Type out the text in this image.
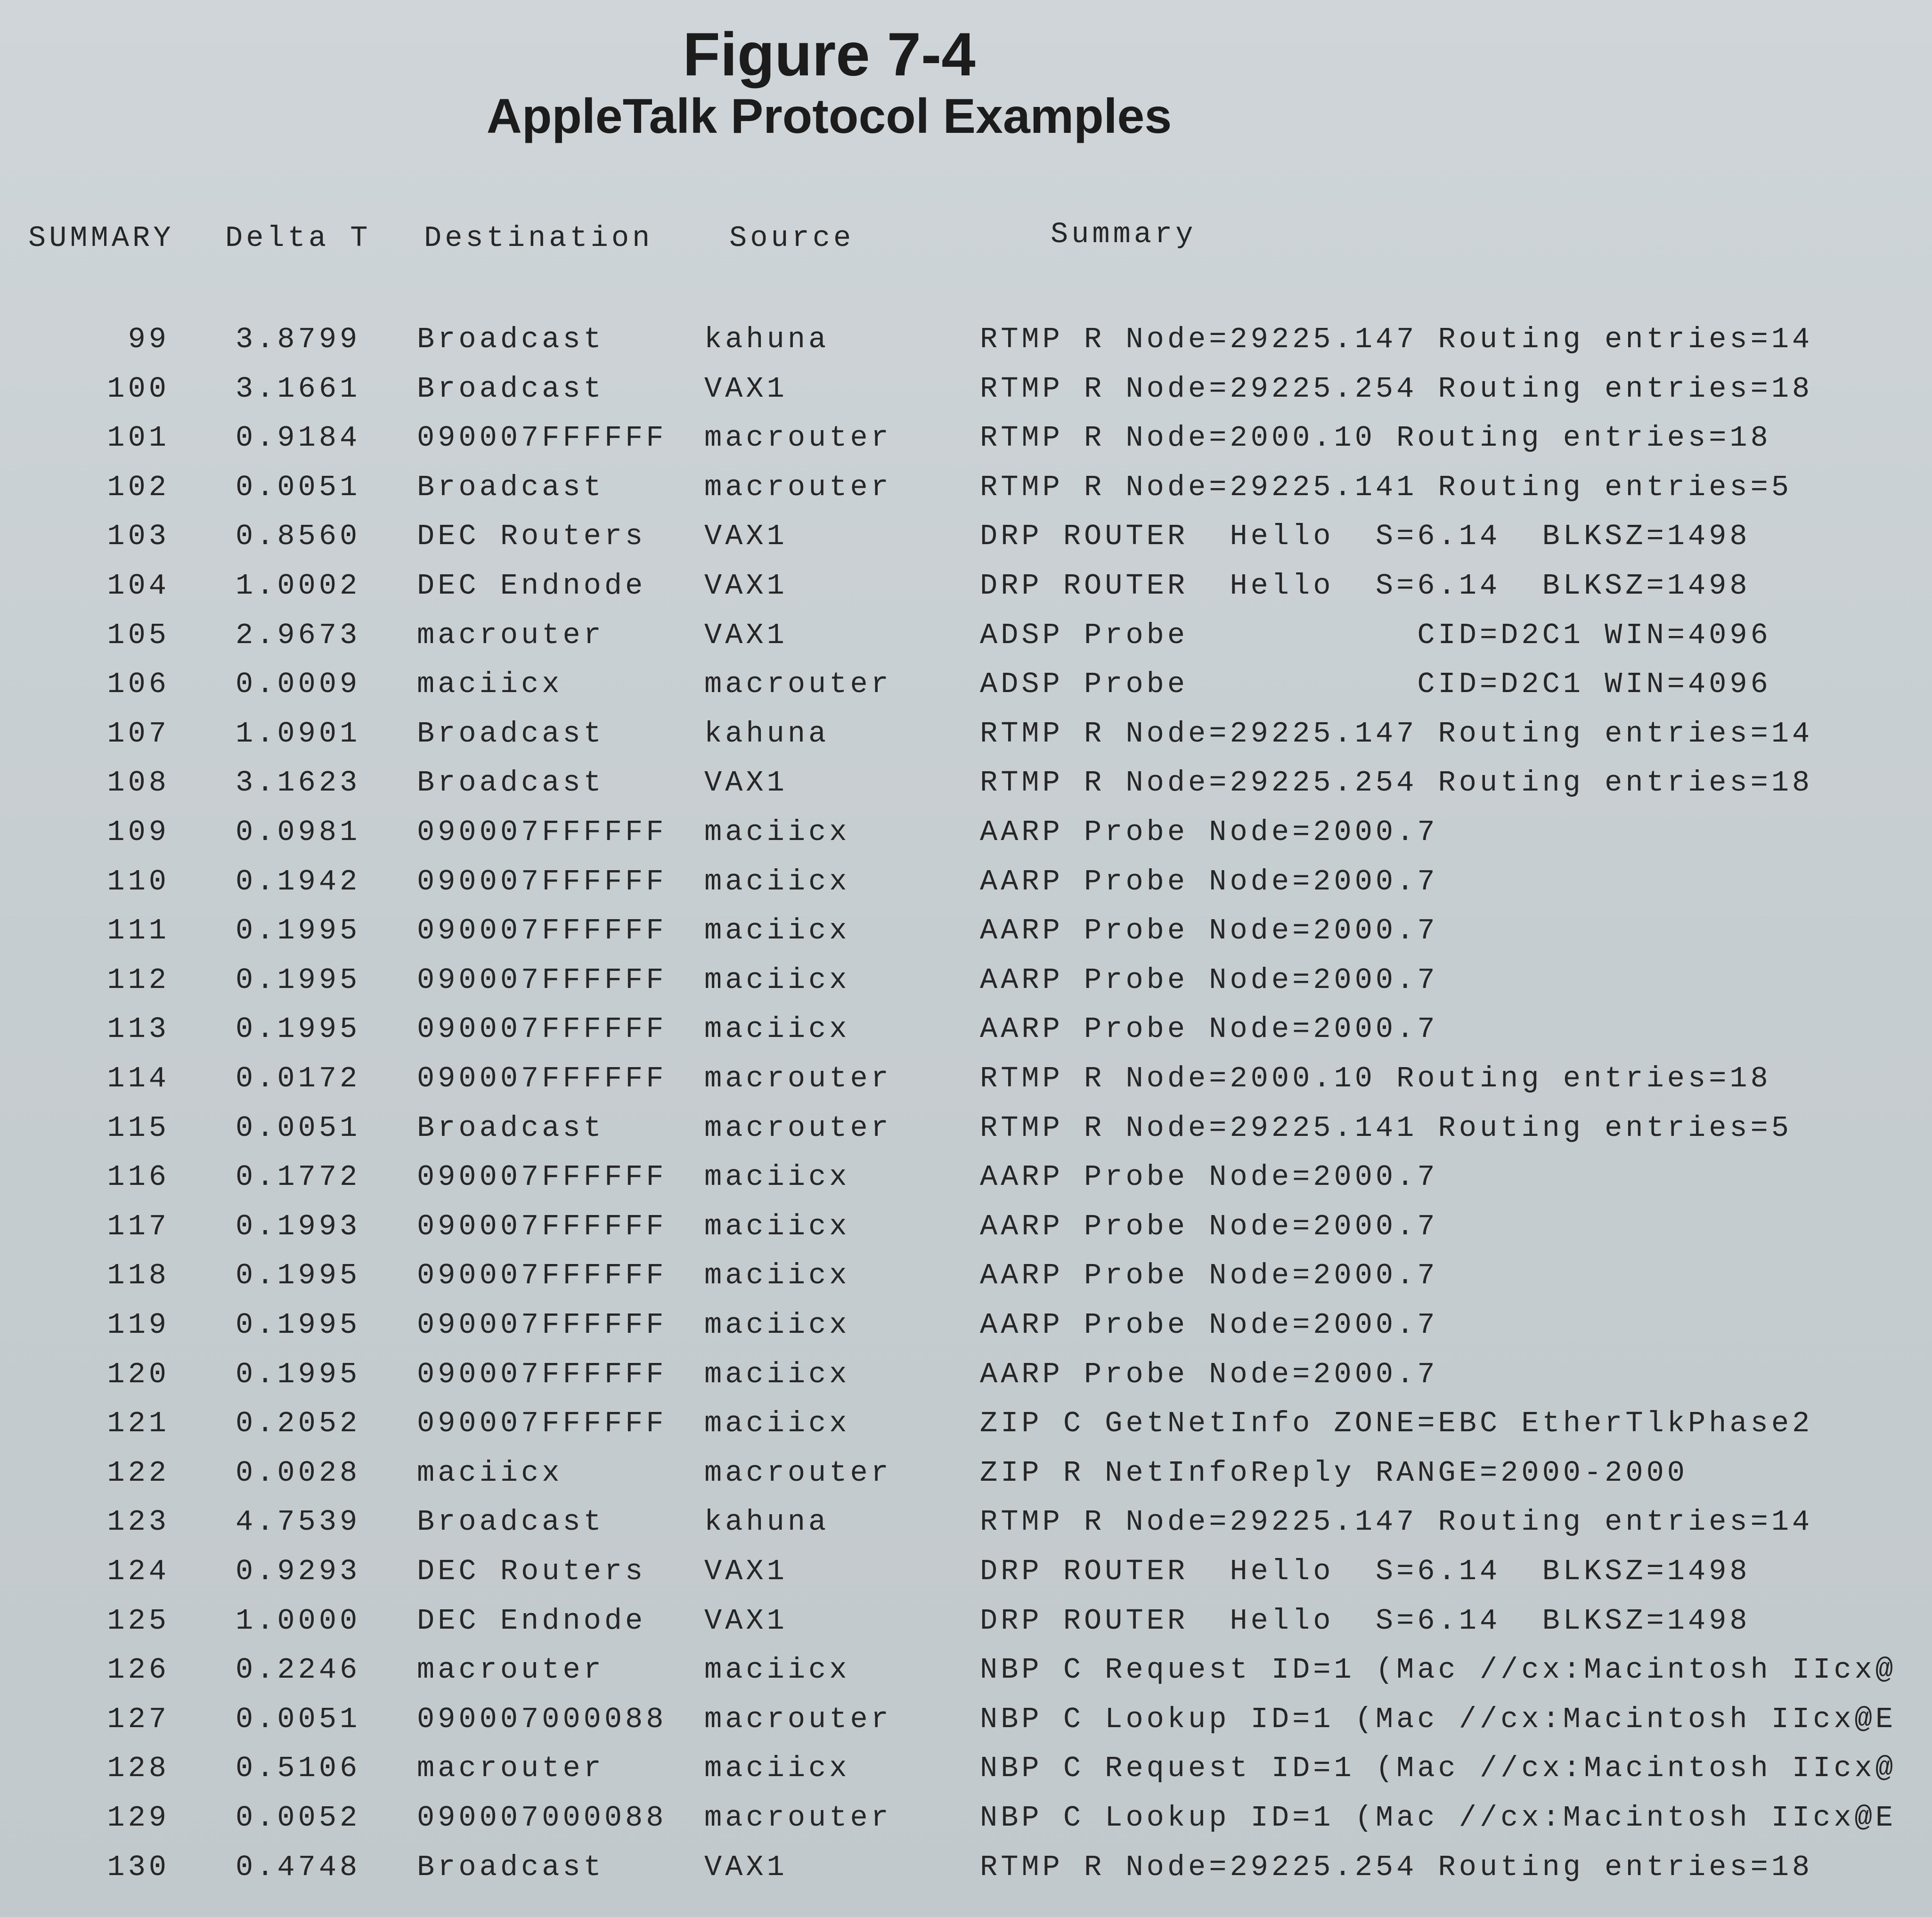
Figure 7-4
AppleTalk Protocol Examples
SUMMARY Delta T Destination	Source	Summary
99 3.8799 Broadcast	kahuna	RTMP R Node=29225.147 Routing entries=14
100 3.1661 Broadcast	VAX1	RTMP R Node=29225.254 Routing entries=18
101 0.9184 090007FFFFFF macrouter	RTMP R Node=2000.10 Routing entries=18
102 0.0051 Broadcast	macrouter	RTMP R Node=29225.141 Routing entries=5
103 0.8560 DEC Routers VAX1	DRP ROUTER  Hello  S=6.14  BLKSZ=1498
104 1.0002 DEC Endnode VAX1	DRP ROUTER  Hello  S=6.14  BLKSZ=1498
105 2.9673 macrouter	VAX1	ADSP Probe           CID=D2C1 WIN=4096
106 0.0009 maciicx	macrouter	ADSP Probe           CID=D2C1 WIN=4096
107 1.0901 Broadcast	kahuna	RTMP R Node=29225.147 Routing entries=14
108 3.1623 Broadcast	VAX1	RTMP R Node=29225.254 Routing entries=18
109 0.0981 090007FFFFFF maciicx	AARP Probe Node=2000.7
110 0.1942 090007FFFFFF maciicx	AARP Probe Node=2000.7
111 0.1995 090007FFFFFF maciicx	AARP Probe Node=2000.7
112 0.1995 090007FFFFFF maciicx	AARP Probe Node=2000.7
113 0.1995 090007FFFFFF maciicx	AARP Probe Node=2000.7
114 0.0172 090007FFFFFF macrouter	RTMP R Node=2000.10 Routing entries=18
115 0.0051 Broadcast	macrouter	RTMP R Node=29225.141 Routing entries=5
116 0.1772 090007FFFFFF maciicx	AARP Probe Node=2000.7
117 0.1993 090007FFFFFF maciicx	AARP Probe Node=2000.7
118 0.1995 090007FFFFFF maciicx	AARP Probe Node=2000.7
119 0.1995 090007FFFFFF maciicx	AARP Probe Node=2000.7
120 0.1995 090007FFFFFF maciicx	AARP Probe Node=2000.7
121 0.2052 090007FFFFFF maciicx	ZIP C GetNetInfo ZONE=EBC EtherTlkPhase2
122 0.0028 maciicx	macrouter	ZIP R NetInfoReply RANGE=2000-2000
123 4.7539 Broadcast	kahuna	RTMP R Node=29225.147 Routing entries=14
124 0.9293 DEC Routers VAX1	DRP ROUTER  Hello  S=6.14  BLKSZ=1498
125 1.0000 DEC Endnode VAX1	DRP ROUTER  Hello  S=6.14  BLKSZ=1498
126 0.2246 macrouter	maciicx	NBP C Request ID=1 (Mac //cx:Macintosh IIcx@
127 0.0051 090007000088 macrouter	NBP C Lookup ID=1 (Mac //cx:Macintosh IIcx@E
128 0.5106 macrouter	maciicx	NBP C Request ID=1 (Mac //cx:Macintosh IIcx@
129 0.0052 090007000088 macrouter	NBP C Lookup ID=1 (Mac //cx:Macintosh IIcx@E
130 0.4748 Broadcast	VAX1	RTMP R Node=29225.254 Routing entries=18
